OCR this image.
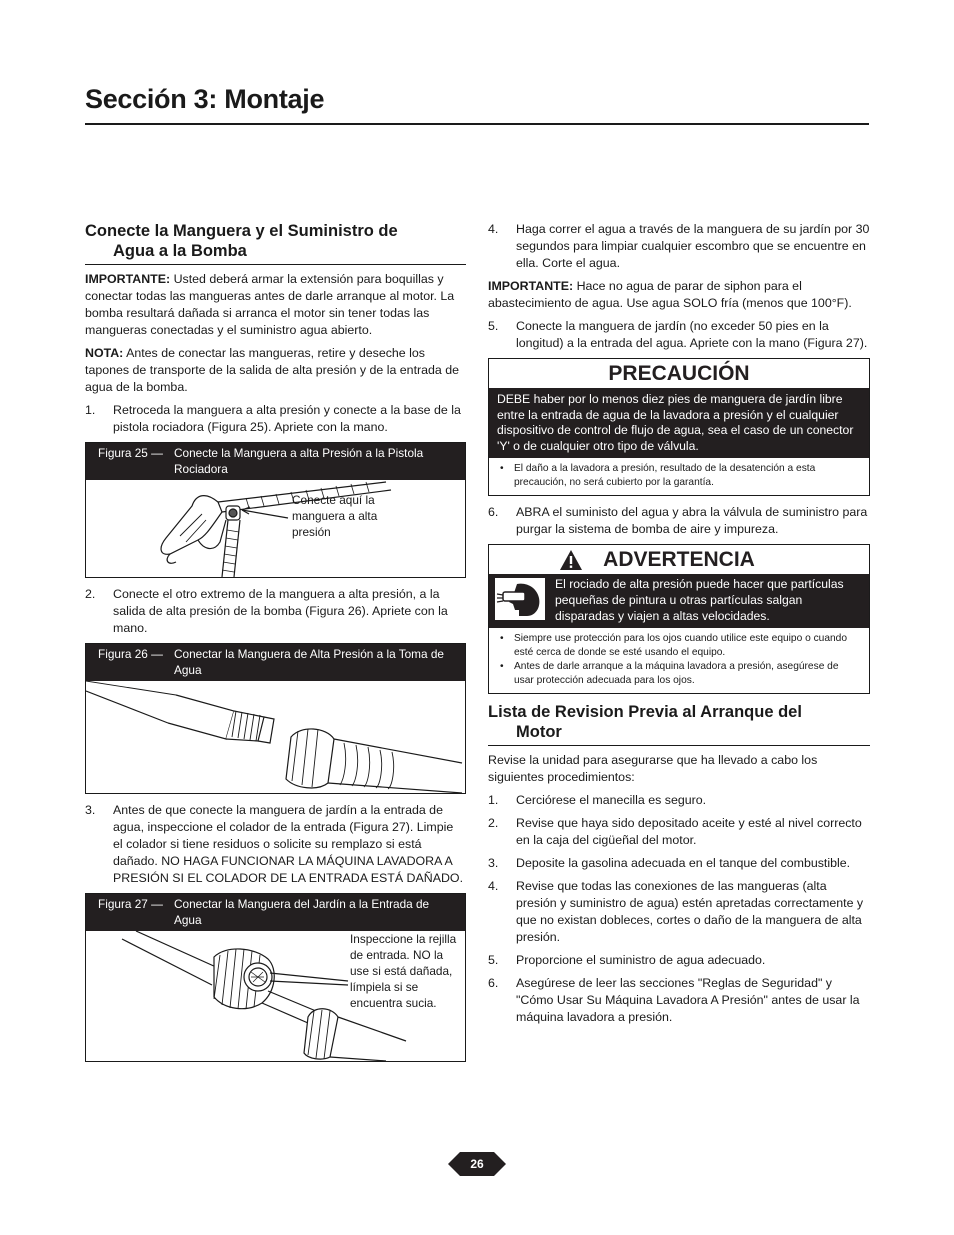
Sección 3: Montaje
Conecte la Manguera y el Suministro de
Agua a la Bomba

IMPORTANTE: Usted deberá armar la extensión para boquillas y conectar todas las mangueras antes de darle arranque al motor. La bomba resultará dañada si arranca el motor sin tener todas las mangueras conectadas y el suministro agua abierto.

NOTA: Antes de conectar las mangueras, retire y deseche los tapones de transporte de la salida de alta presión y de la entrada de agua de la bomba.

1. Retroceda la manguera a alta presión y conecte a la base de la pistola rociadora (Figura 25). Apriete con la mano.
Figura 25 — Conecte la Manguera a alta Presión a la Pistola Rociadora
Conecte aquí la manguera a alta presión
2. Conecte el otro extremo de la manguera a alta presión, a la salida de alta presión de la bomba (Figura 26). Apriete con la mano.
Figura 26 — Conectar la Manguera de Alta Presión a la Toma de Agua
3. Antes de que conecte la manguera de jardín a la entrada de agua, inspeccione el colador de la entrada (Figura 27). Limpie el colador si tiene residuos o solicite su remplazo si está dañado. NO HAGA FUNCIONAR LA MÁQUINA LAVADORA A PRESIÓN SI EL COLADOR DE LA ENTRADA ESTÁ DAÑADO.
Figura 27 — Conectar la Manguera del Jardín a la Entrada de Agua
Inspeccione la rejilla de entrada. NO la use si está dañada, límpiela si se encuentra sucia.
4. Haga correr el agua a través de la manguera de su jardín por 30 segundos para limpiar cualquier escombro que se encuentre en ella. Corte el agua.

IMPORTANTE: Hace no agua de parar de siphon para el abastecimiento de agua. Use agua SOLO fría (menos que 100°F).

5. Conecte la manguera de jardín (no exceder 50 pies en la longitud) a la entrada del agua. Apriete con la mano (Figura 27).
PRECAUCIÓN
DEBE haber por lo menos diez pies de manguera de jardín libre entre la entrada de agua de la lavadora a presión y el cualquier dispositivo de control de flujo de agua, sea el caso de un conector 'Y' o de cualquier otro tipo de válvula.
• El daño a la lavadora a presión, resultado de la desatención a esta precaución, no será cubierto por la garantía.
6. ABRA el suministo del agua y abra la válvula de suministro para purgar la sistema de bomba de aire y impureza.
ADVERTENCIA
El rociado de alta presión puede hacer que partículas pequeñas de pintura u otras partículas salgan disparadas y viajen a altas velocidades.
• Siempre use protección para los ojos cuando utilice este equipo o cuando esté cerca de donde se esté usando el equipo.
• Antes de darle arranque a la máquina lavadora a presión, asegúrese de usar protección adecuada para los ojos.
Lista de Revision Previa al Arranque del
Motor

Revise la unidad para asegurarse que ha llevado a cabo los siguientes procedimientos:

1. Cerciórese el manecilla es seguro.
2. Revise que haya sido depositado aceite y esté al nivel correcto en la caja del cigüeñal del motor.
3. Deposite la gasolina adecuada en el tanque del combustible.
4. Revise que todas las conexiones de las mangueras (alta presión y suministro de agua) estén apretadas correctamente y que no existan dobleces, cortes o daño de la manguera de alta presión.
5. Proporcione el suministro de agua adecuado.
6. Asegúrese de leer las secciones "Reglas de Seguridad" y "Cómo Usar Su Máquina Lavadora A Presión" antes de usar la máquina lavadora a presión.
26
